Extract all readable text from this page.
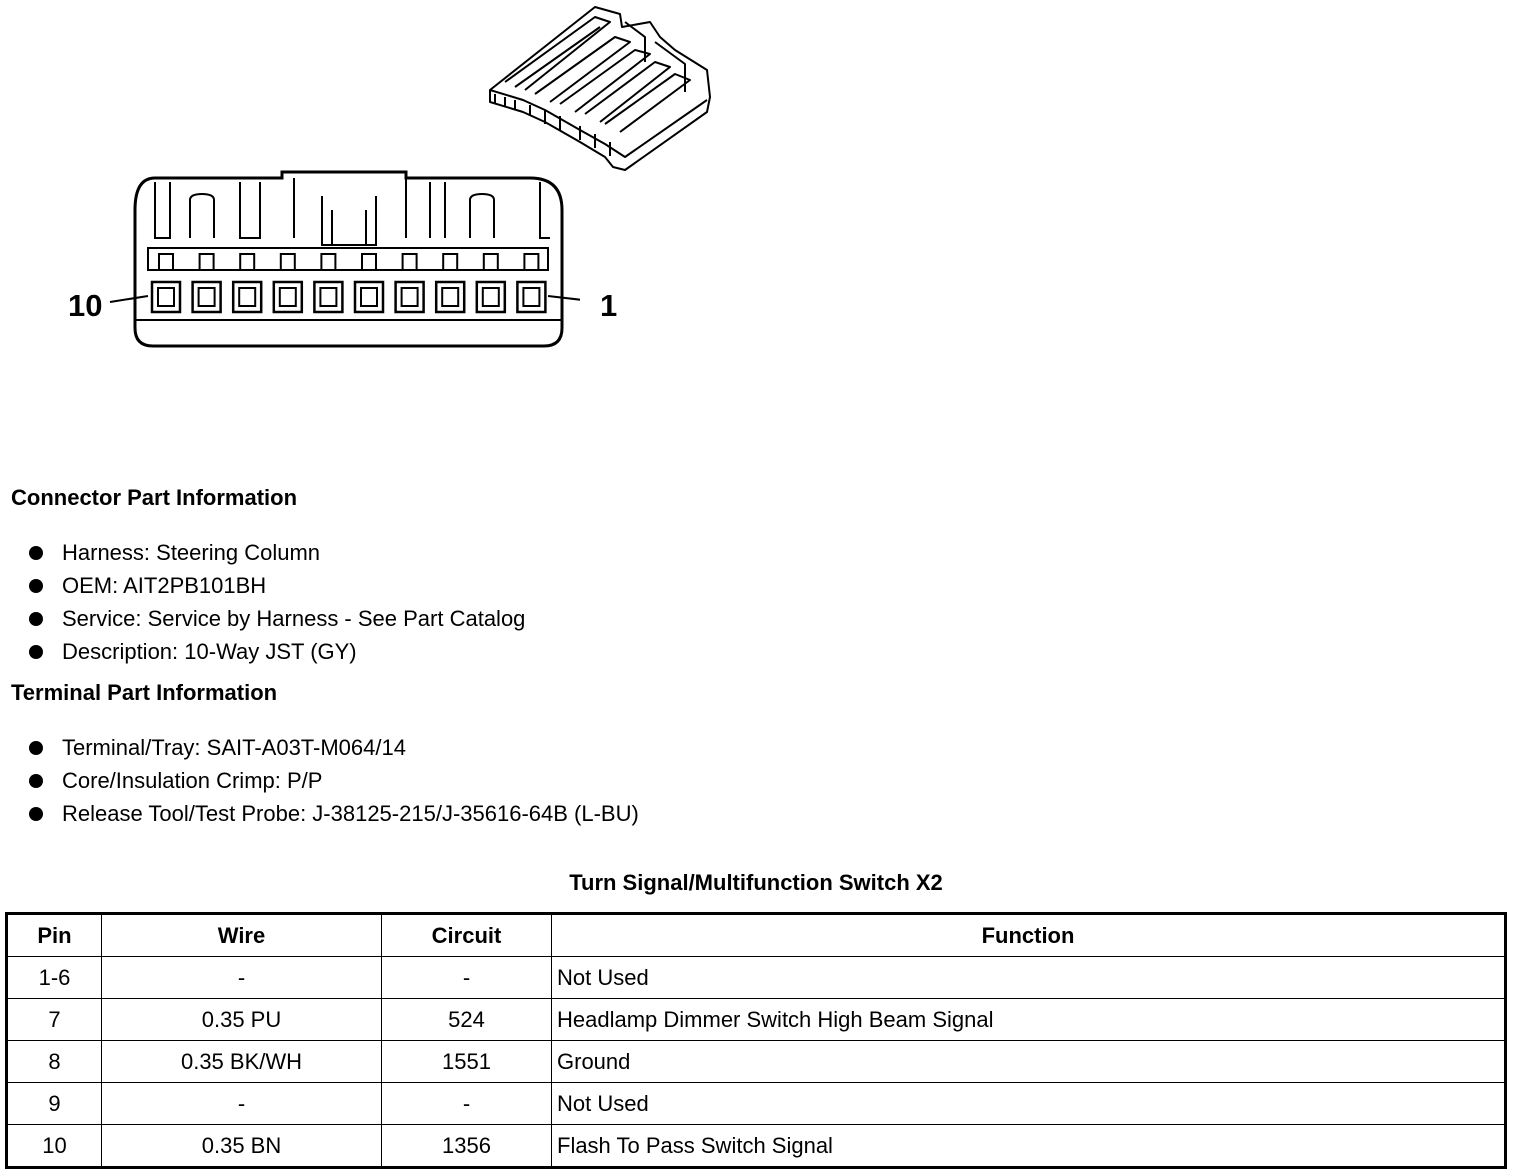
10	1
Connector Part Information
Harness: Steering Column
OEM: AIT2PB101BH
Service: Service by Harness - See Part Catalog
Description: 10-Way JST (GY)
Terminal Part Information
Terminal/Tray: SAIT-A03T-M064/14
Core/Insulation Crimp: P/P
Release Tool/Test Probe: J-38125-215/J-35616-64B (L-BU)
Turn Signal/Multifunction Switch X2
Pin	Wire	Circuit	Function
1-6	-	-	Not Used
7	0.35 PU	524	Headlamp Dimmer Switch High Beam Signal
8	0.35 BK/WH	1551	Ground
9	-	-	Not Used
10	0.35 BN	1356	Flash To Pass Switch Signal
